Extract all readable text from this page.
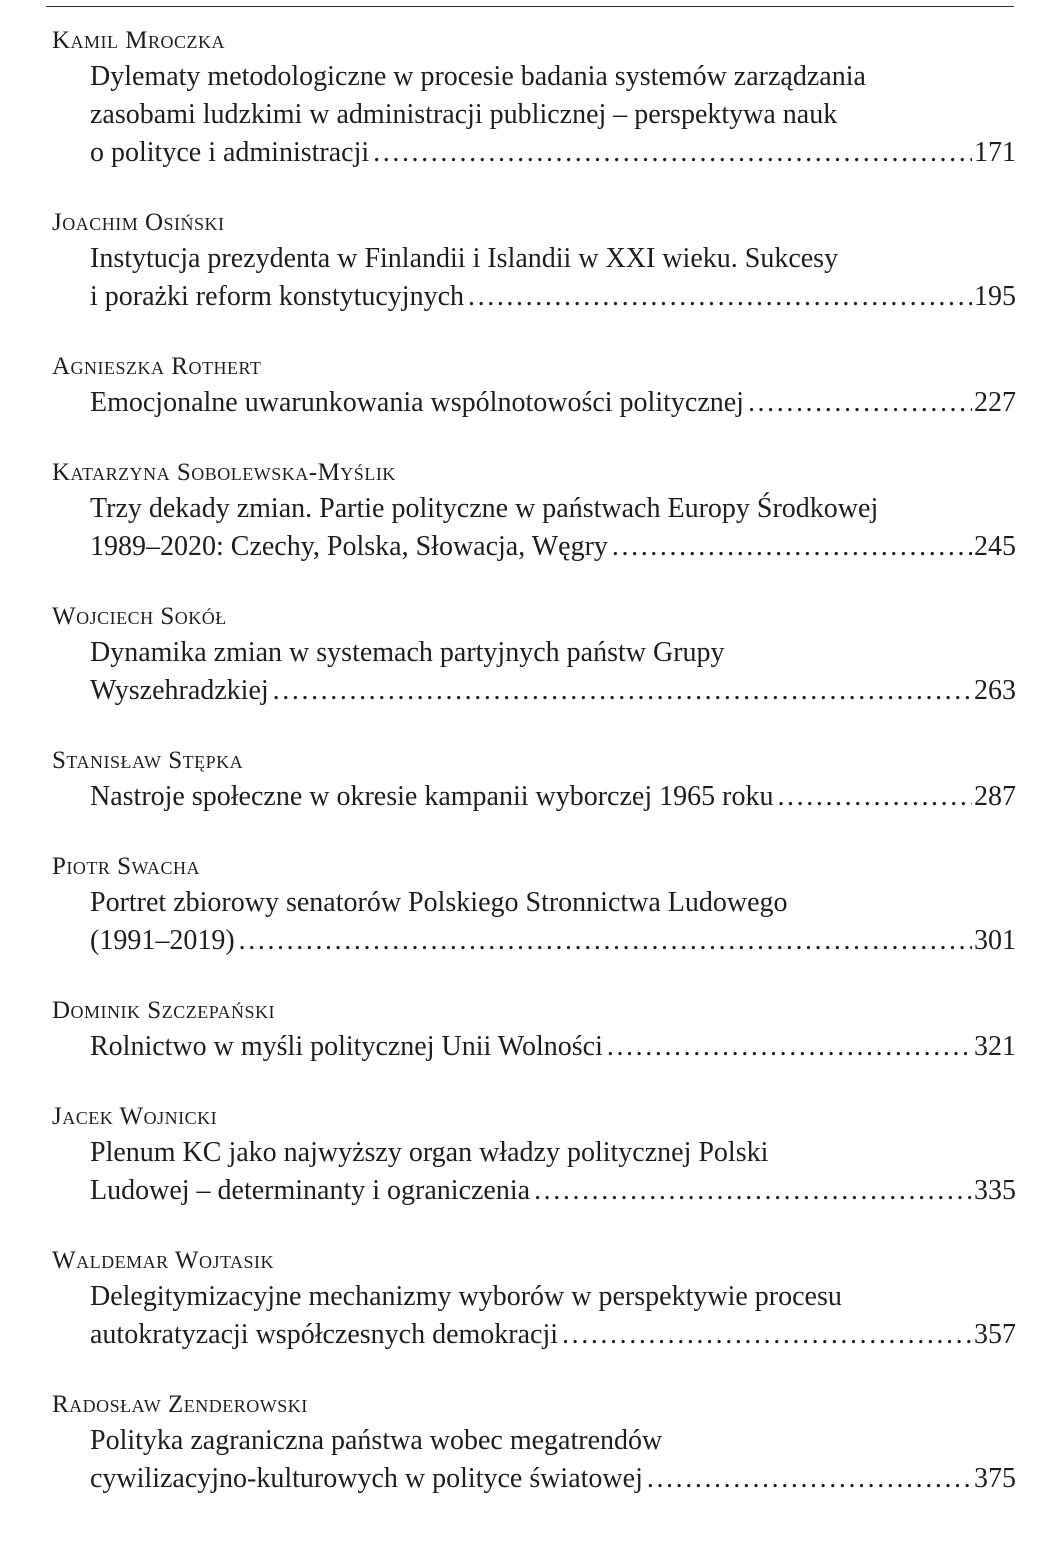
Kamil Mroczka
Dylematy metodologiczne w procesie badania systemów zarządzania
zasobami ludzkimi w administracji publicznej – perspektywa nauk
o polityce i administracji . . .	171
Joachim Osiński
Instytucja prezydenta w Finlandii i Islandii w XXI wieku. Sukcesy
i porażki reform konstytucyjnych . . .	195
Agnieszka Rothert
Emocjonalne uwarunkowania wspólnotowości politycznej . . .	227
Katarzyna Sobolewska-Myślik
Trzy dekady zmian. Partie polityczne w państwach Europy Środkowej
1989–2020: Czechy, Polska, Słowacja, Węgry . . .	245
Wojciech Sokół
Dynamika zmian w systemach partyjnych państw Grupy
Wyszehradzkiej . . .	263
Stanisław Stępka
Nastroje społeczne w okresie kampanii wyborczej 1965 roku . . .	287
Piotr Swacha
Portret zbiorowy senatorów Polskiego Stronnictwa Ludowego
(1991–2019) . . .	301
Dominik Szczepański
Rolnictwo w myśli politycznej Unii Wolności . . .	321
Jacek Wojnicki
Plenum KC jako najwyższy organ władzy politycznej Polski
Ludowej – determinanty i ograniczenia . . .	335
Waldemar Wojtasik
Delegitymizacyjne mechanizmy wyborów w perspektywie procesu
autokratyzacji współczesnych demokracji . . .	357
Radosław Zenderowski
Polityka zagraniczna państwa wobec megatrendów
cywilizacyjno-kulturowych w polityce światowej . . .	375
